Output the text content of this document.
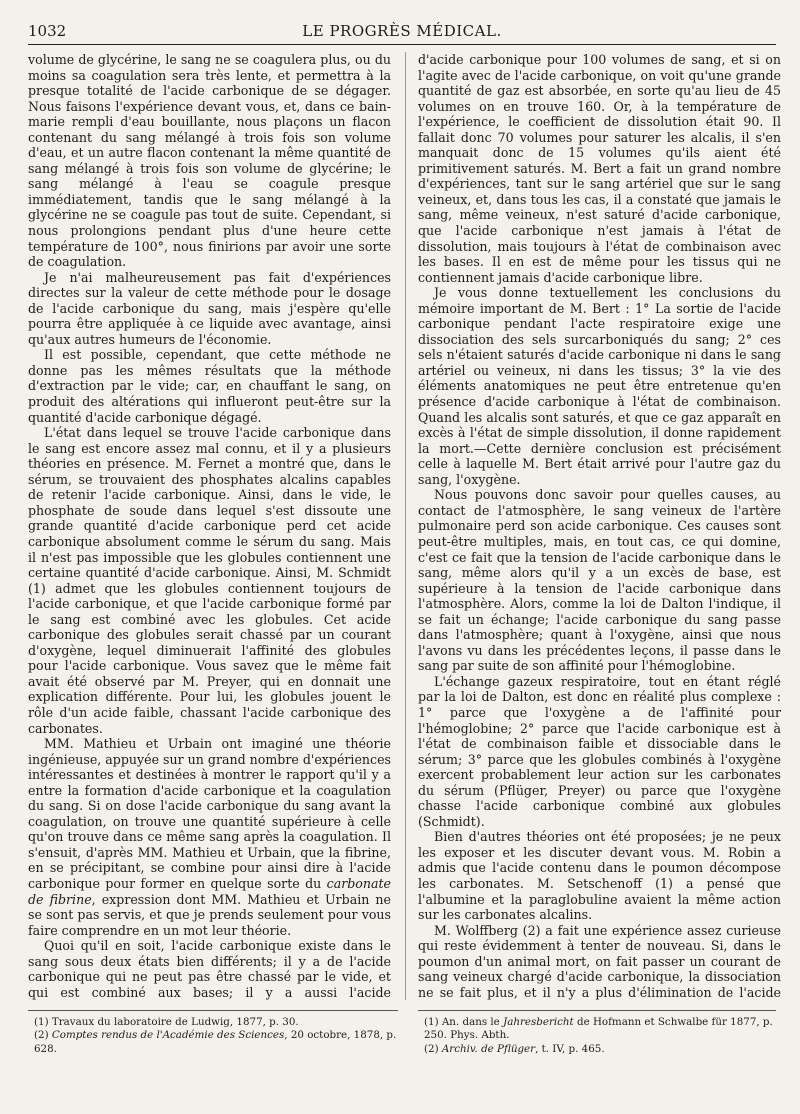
1032	LE PROGRÈS MÉDICAL.

volume de glycérine, le sang ne se coagulera plus, ou du moins sa coagulation sera très lente, et permettra à la presque totalité de l'acide carbonique de se dégager. Nous faisons l'expérience devant vous, et, dans ce bain-marie rempli d'eau bouillante, nous plaçons un flacon contenant du sang mélangé à trois fois son volume d'eau, et un autre flacon contenant la même quantité de sang mélangé à trois fois son volume de glycérine; le sang mélangé à l'eau se coagule presque immédiatement, tandis que le sang mélangé à la glycérine ne se coagule pas tout de suite. Cependant, si nous prolongions pendant plus d'une heure cette température de 100°, nous finirions par avoir une sorte de coagulation.

Je n'ai malheureusement pas fait d'expériences directes sur la valeur de cette méthode pour le dosage de l'acide carbonique du sang, mais j'espère qu'elle pourra être appliquée à ce liquide avec avantage, ainsi qu'aux autres humeurs de l'économie.

Il est possible, cependant, que cette méthode ne donne pas les mêmes résultats que la méthode d'extraction par le vide; car, en chauffant le sang, on produit des altérations qui influeront peut-être sur la quantité d'acide carbonique dégagé.

L'état dans lequel se trouve l'acide carbonique dans le sang est encore assez mal connu, et il y a plusieurs théories en présence. M. Fernet a montré que, dans le sérum, se trouvaient des phosphates alcalins capables de retenir l'acide carbonique. Ainsi, dans le vide, le phosphate de soude dans lequel s'est dissoute une grande quantité d'acide carbonique perd cet acide carbonique absolument comme le sérum du sang. Mais il n'est pas impossible que les globules contiennent une certaine quantité d'acide carbonique. Ainsi, M. Schmidt (1) admet que les globules contiennent toujours de l'acide carbonique, et que l'acide carbonique formé par le sang est combiné avec les globules. Cet acide carbonique des globules serait chassé par un courant d'oxygène, lequel diminuerait l'affinité des globules pour l'acide carbonique. Vous savez que le même fait avait été observé par M. Preyer, qui en donnait une explication différente. Pour lui, les globules jouent le rôle d'un acide faible, chassant l'acide carbonique des carbonates.

MM. Mathieu et Urbain ont imaginé une théorie ingénieuse, appuyée sur un grand nombre d'expériences intéressantes et destinées à montrer le rapport qu'il y a entre la formation d'acide carbonique et la coagulation du sang. Si on dose l'acide carbonique du sang avant la coagulation, on trouve une quantité supérieure à celle qu'on trouve dans ce même sang après la coagulation. Il s'ensuit, d'après MM. Mathieu et Urbain, que la fibrine, en se précipitant, se combine pour ainsi dire à l'acide carbonique pour former en quelque sorte du carbonate de fibrine, expression dont MM. Mathieu et Urbain ne se sont pas servis, et que je prends seulement pour vous faire comprendre en un mot leur théorie.

Quoi qu'il en soit, l'acide carbonique existe dans le sang sous deux états bien différents; il y a de l'acide carbonique qui ne peut pas être chassé par le vide, et qui est combiné aux bases; il y a aussi l'acide

d'acide carbonique pour 100 volumes de sang, et si on l'agite avec de l'acide carbonique, on voit qu'une grande quantité de gaz est absorbée, en sorte qu'au lieu de 45 volumes on en trouve 160. Or, à la température de l'expérience, le coefficient de dissolution était 90. Il fallait donc 70 volumes pour saturer les alcalis, il s'en manquait donc de 15 volumes qu'ils aient été primitivement saturés. M. Bert a fait un grand nombre d'expériences, tant sur le sang artériel que sur le sang veineux, et, dans tous les cas, il a constaté que jamais le sang, même veineux, n'est saturé d'acide carbonique, que l'acide carbonique n'est jamais à l'état de dissolution, mais toujours à l'état de combinaison avec les bases. Il en est de même pour les tissus qui ne contiennent jamais d'acide carbonique libre.

Je vous donne textuellement les conclusions du mémoire important de M. Bert : 1° La sortie de l'acide carbonique pendant l'acte respiratoire exige une dissociation des sels surcarboniqués du sang; 2° ces sels n'étaient saturés d'acide carbonique ni dans le sang artériel ou veineux, ni dans les tissus; 3° la vie des éléments anatomiques ne peut être entretenue qu'en présence d'acide carbonique à l'état de combinaison. Quand les alcalis sont saturés, et que ce gaz apparaît en excès à l'état de simple dissolution, il donne rapidement la mort.—Cette dernière conclusion est précisément celle à laquelle M. Bert était arrivé pour l'autre gaz du sang, l'oxygène.

Nous pouvons donc savoir pour quelles causes, au contact de l'atmosphère, le sang veineux de l'artère pulmonaire perd son acide carbonique. Ces causes sont peut-être multiples, mais, en tout cas, ce qui domine, c'est ce fait que la tension de l'acide carbonique dans le sang, même alors qu'il y a un excès de base, est supérieure à la tension de l'acide carbonique dans l'atmosphère. Alors, comme la loi de Dalton l'indique, il se fait un échange; l'acide carbonique du sang passe dans l'atmosphère; quant à l'oxygène, ainsi que nous l'avons vu dans les précédentes leçons, il passe dans le sang par suite de son affinité pour l'hémoglobine.

L'échange gazeux respiratoire, tout en étant réglé par la loi de Dalton, est donc en réalité plus complexe : 1° parce que l'oxygène a de l'affinité pour l'hémoglobine; 2° parce que l'acide carbonique est à l'état de combinaison faible et dissociable dans le sérum; 3° parce que les globules combinés à l'oxygène exercent probablement leur action sur les carbonates du sérum (Pflüger, Preyer) ou parce que l'oxygène chasse l'acide carbonique combiné aux globules (Schmidt).

Bien d'autres théories ont été proposées; je ne peux les exposer et les discuter devant vous. M. Robin a admis que l'acide contenu dans le poumon décompose les carbonates. M. Setschenoff (1) a pensé que l'albumine et la paraglobuline avaient la même action sur les carbonates alcalins.

M. Wolffberg (2) a fait une expérience assez curieuse qui reste évidemment à tenter de nouveau. Si, dans le poumon d'un animal mort, on fait passer un courant de sang veineux chargé d'acide carbonique, la dissociation ne se fait plus, et il n'y a plus d'élimination de l'acide

(1) Travaux du laboratoire de Ludwig, 1877, p. 30.

(2) Comptes rendus de l'Académie des Sciences, 20 octobre, 1878, p. 628.

(1) An. dans le Jahresbericht de Hofmann et Schwalbe für 1877, p. 250. Phys. Abth.

(2) Archiv. de Pflüger, t. IV, p. 465.
